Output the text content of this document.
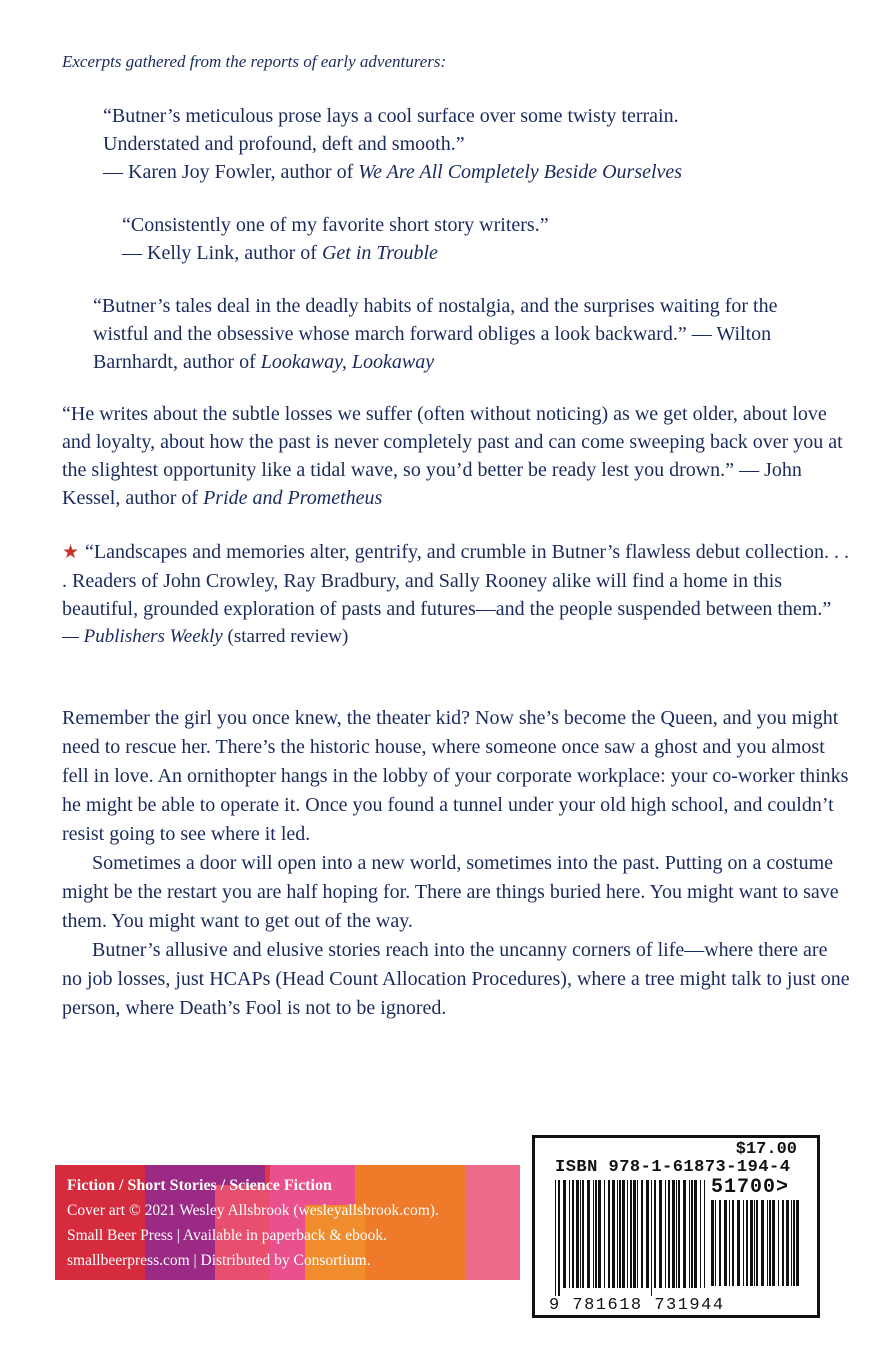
Excerpts gathered from the reports of early adventurers:

“Butner’s meticulous prose lays a cool surface over some twisty terrain. Understated and profound, deft and smooth.”

— Karen Joy Fowler, author of We Are All Completely Beside Ourselves

“Consistently one of my favorite short story writers.”

— Kelly Link, author of Get in Trouble

“Butner’s tales deal in the deadly habits of nostalgia, and the surprises waiting for the wistful and the obsessive whose march forward obliges a look backward.” — Wilton Barnhardt, author of Lookaway, Lookaway

“He writes about the subtle losses we suffer (often without noticing) as we get older, about love and loyalty, about how the past is never completely past and can come sweeping back over you at the slightest opportunity like a tidal wave, so you’d better be ready lest you drown.” — John Kessel, author of Pride and Prometheus

★ “Landscapes and memories alter, gentrify, and crumble in Butner’s flawless debut collection. . . . Readers of John Crowley, Ray Bradbury, and Sally Rooney alike will find a home in this beautiful, grounded exploration of pasts and futures—and the people suspended between them.”

— Publishers Weekly (starred review)

Remember the girl you once knew, the theater kid? Now she’s become the Queen, and you might need to rescue her. There’s the historic house, where someone once saw a ghost and you almost fell in love. An ornithopter hangs in the lobby of your corporate workplace: your co-worker thinks he might be able to operate it. Once you found a tunnel under your old high school, and couldn’t resist going to see where it led.

Sometimes a door will open into a new world, sometimes into the past. Putting on a costume might be the restart you are half hoping for. There are things buried here. You might want to save them. You might want to get out of the way.

Butner’s allusive and elusive stories reach into the uncanny corners of life—where there are no job losses, just HCAPs (Head Count Allocation Procedures), where a tree might talk to just one person, where Death’s Fool is not to be ignored.

Fiction / Short Stories / Science Fiction
Cover art © 2021 Wesley Allsbrook (wesleyallsbrook.com).
Small Beer Press | Available in paperback & ebook.
smallbeerpress.com | Distributed by Consortium.
$17.00
ISBN 978-1-61873-194-4
51700>
9 781618 731944
